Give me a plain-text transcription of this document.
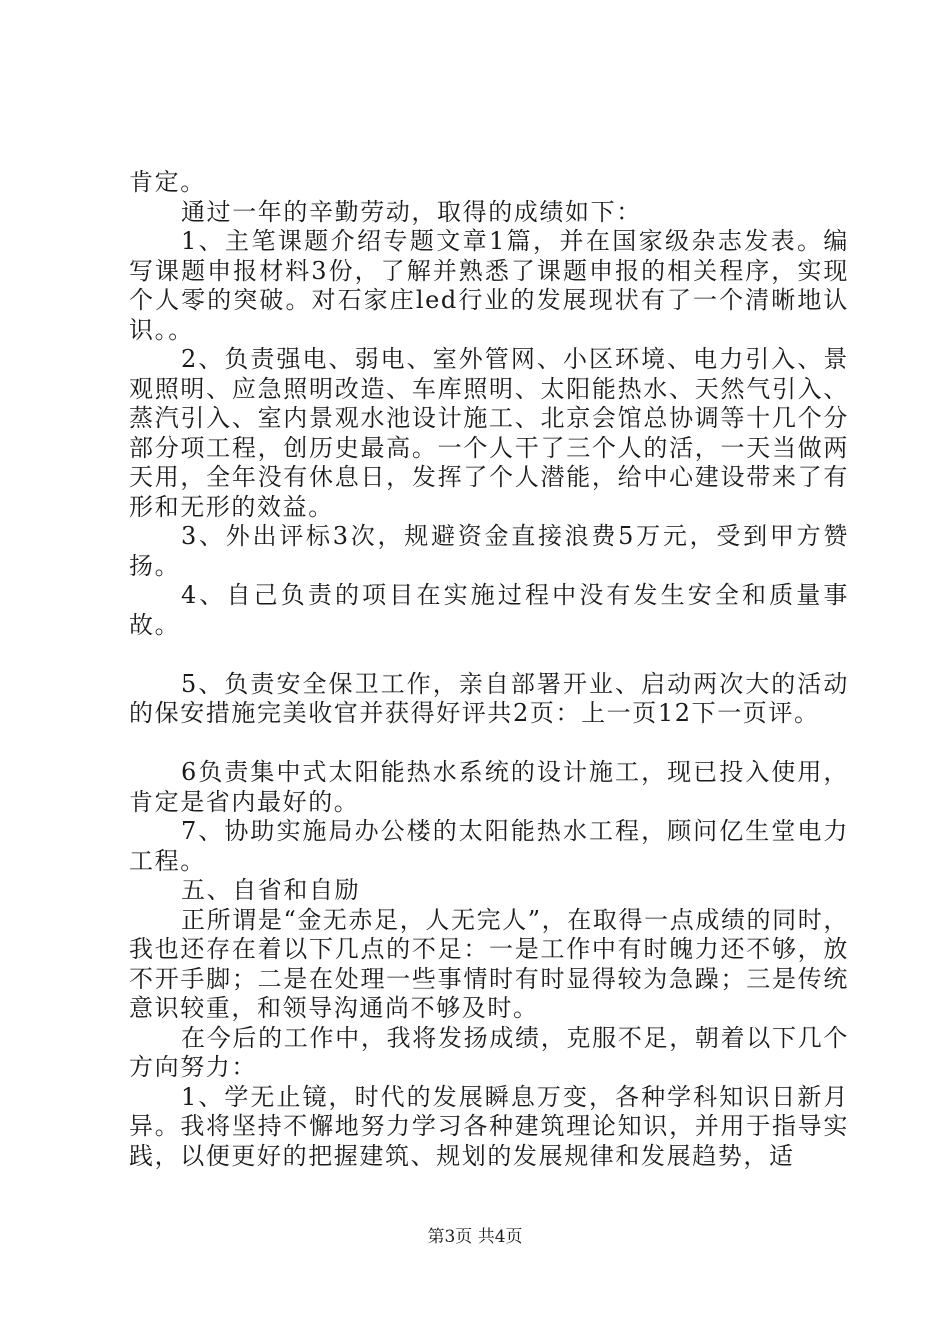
肯定。

通过一年的辛勤劳动，取得的成绩如下：

1、主笔课题介绍专题文章1篇，并在国家级杂志发表。编写课题申报材料3份，了解并熟悉了课题申报的相关程序，实现个人零的突破。对石家庄led行业的发展现状有了一个清晰地认识。。

2、负责强电、弱电、室外管网、小区环境、电力引入、景观照明、应急照明改造、车库照明、太阳能热水、天然气引入、蒸汽引入、室内景观水池设计施工、北京会馆总协调等十几个分部分项工程，创历史最高。一个人干了三个人的活，一天当做两天用，全年没有休息日，发挥了个人潜能，给中心建设带来了有形和无形的效益。

3、外出评标3次，规避资金直接浪费5万元，受到甲方赞扬。

4、自己负责的项目在实施过程中没有发生安全和质量事故。

5、负责安全保卫工作，亲自部署开业、启动两次大的活动的保安措施完美收官并获得好评共2页：上一页12下一页评。

6负责集中式太阳能热水系统的设计施工，现已投入使用，肯定是省内最好的。

7、协助实施局办公楼的太阳能热水工程，顾问亿生堂电力工程。

五、自省和自励

正所谓是“金无赤足，人无完人”，在取得一点成绩的同时，我也还存在着以下几点的不足：一是工作中有时魄力还不够，放不开手脚；二是在处理一些事情时有时显得较为急躁；三是传统意识较重，和领导沟通尚不够及时。

在今后的工作中，我将发扬成绩，克服不足，朝着以下几个方向努力：

1、学无止镜，时代的发展瞬息万变，各种学科知识日新月异。我将坚持不懈地努力学习各种建筑理论知识，并用于指导实践，以便更好的把握建筑、规划的发展规律和发展趋势，适

第3页 共4页
